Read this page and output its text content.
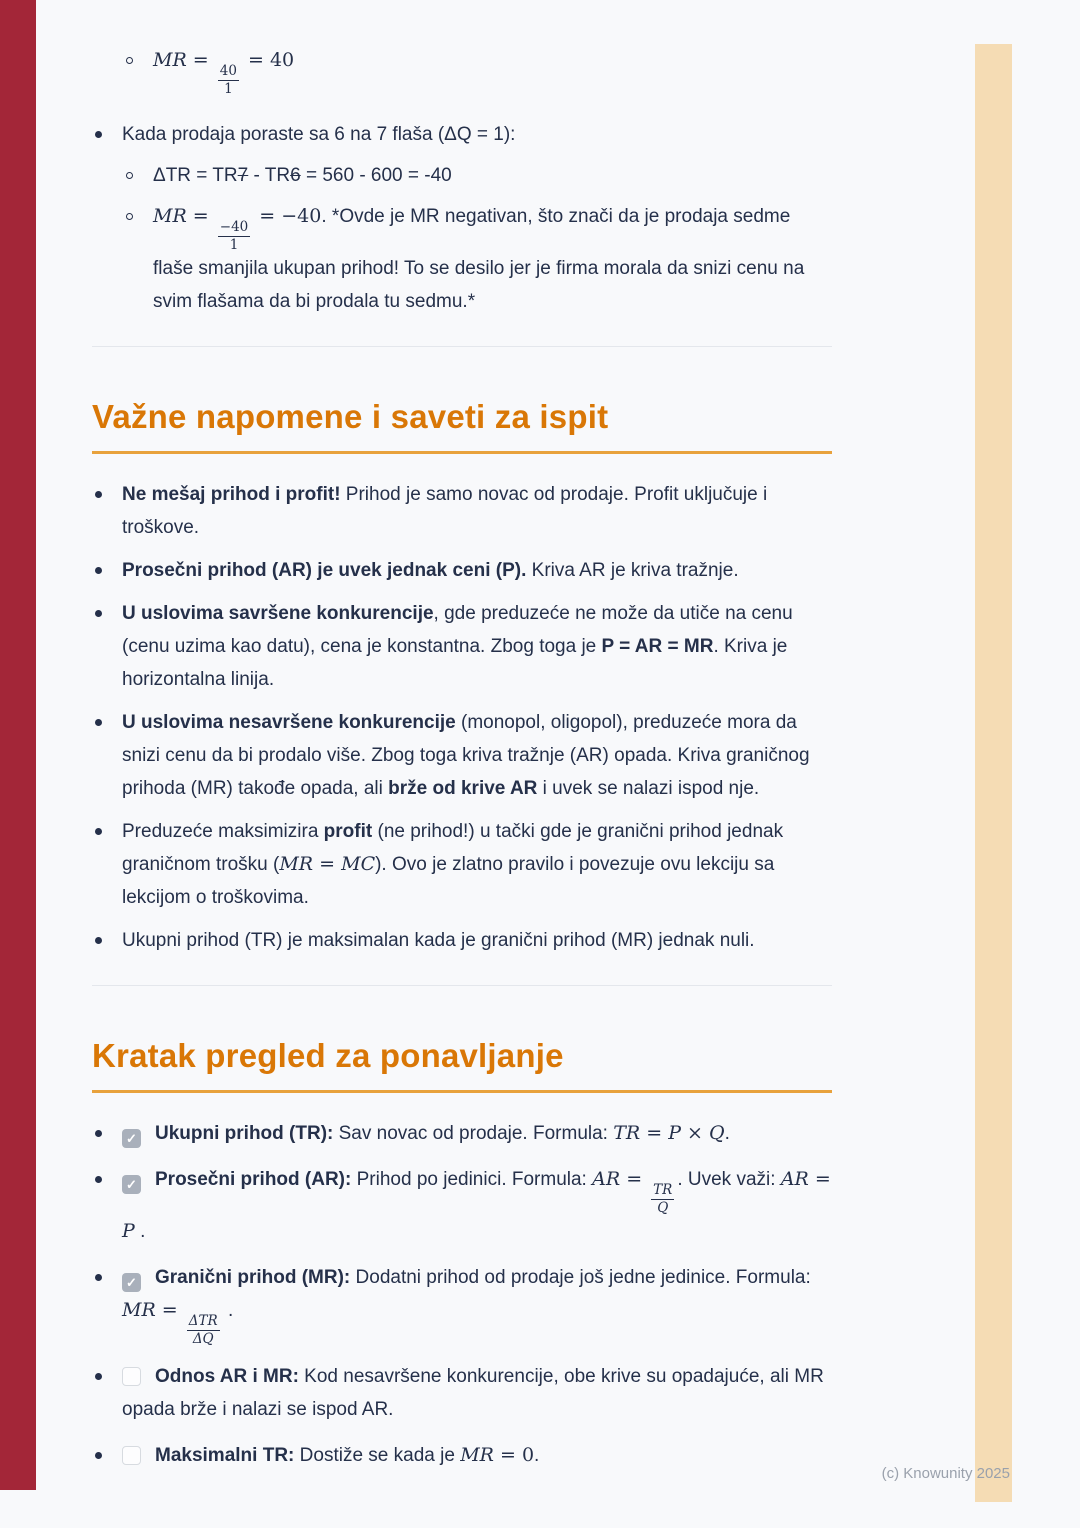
MR =
$\frac{40}{1}$
= 40
Kada prodaja poraste sa 6 na 7 flaša (ΔQ = 1):
ΔTR = TR7 - TR6 = 560 - 600 = -40
MR =
$\frac{-40}{1}$
= −40. *Ovde je MR negativan, što znači da je prodaja sedme flaše smanjila ukupan prihod! To se desilo jer je firma morala da snizi cenu na svim flašama da bi prodala tu sedmu.*
Važne napomene i saveti za ispit
Ne mešaj prihod i profit! Prihod je samo novac od prodaje. Profit uključuje i troškove.
Prosečni prihod (AR) je uvek jednak ceni (P). Kriva AR je kriva tražnje.
U uslovima savršene konkurencije, gde preduzeće ne može da utiče na cenu (cenu uzima kao datu), cena je konstantna. Zbog toga je P = AR = MR. Kriva je horizontalna linija.
U uslovima nesavršene konkurencije (monopol, oligopol), preduzeće mora da snizi cenu da bi prodalo više. Zbog toga kriva tražnje (AR) opada. Kriva graničnog prihoda (MR) takođe opada, ali brže od krive AR i uvek se nalazi ispod nje.
Preduzeće maksimizira profit (ne prihod!) u tački gde je granični prihod jednak graničnom trošku (MR = MC). Ovo je zlatno pravilo i povezuje ovu lekciju sa lekcijom o troškovima.
Ukupni prihod (TR) je maksimalan kada je granični prihod (MR) jednak nuli.
Kratak pregled za ponavljanje
✓ Ukupni prihod (TR): Sav novac od prodaje. Formula: TR = P × Q.
✓ Prosečni prihod (AR): Prihod po jedinici. Formula: AR =
$\frac{TR}{Q}$
. Uvek važi: AR = P .
✓ Granični prihod (MR): Dodatni prihod od prodaje još jedne jedinice. Formula: MR =
$\frac{\text{ΔTR}}{\Delta Q}$
.
Odnos AR i MR: Kod nesavršene konkurencije, obe krive su opadajuće, ali MR opada brže i nalazi se ispod AR.
Maksimalni TR: Dostiže se kada je MR = 0.
(c) Knowunity 2025
